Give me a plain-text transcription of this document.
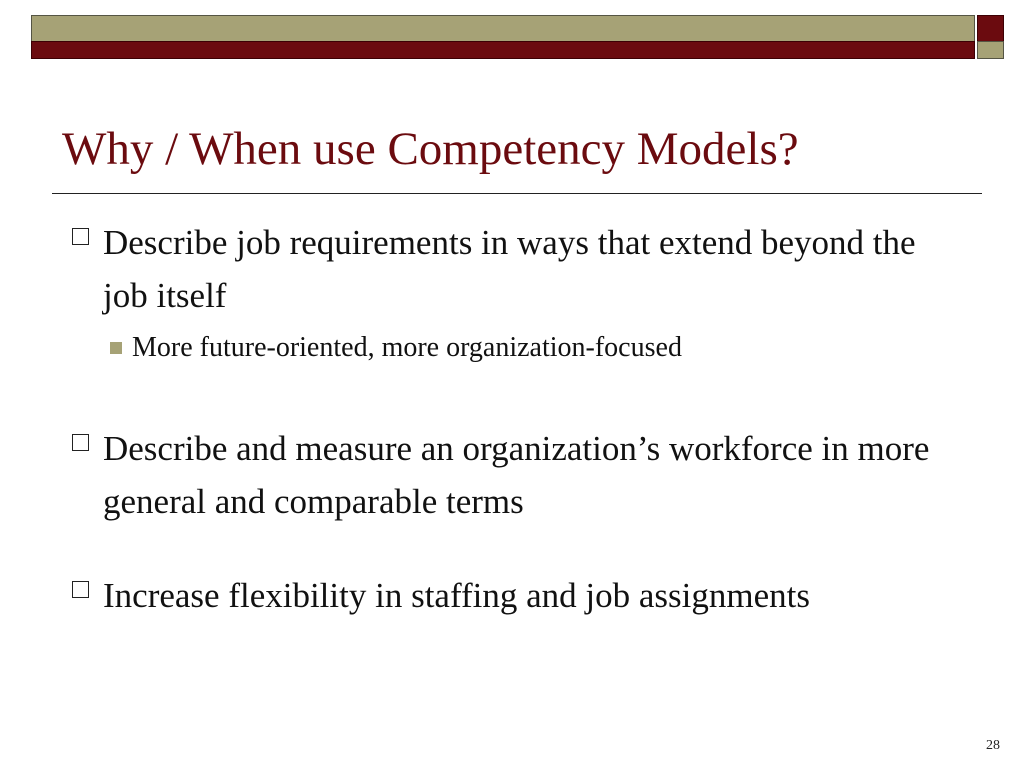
Why / When use Competency Models?
Describe job requirements in ways that extend beyond the job itself
More future-oriented, more organization-focused
Describe and measure an organization’s workforce in more general and comparable terms
Increase flexibility in staffing and job assignments
28
